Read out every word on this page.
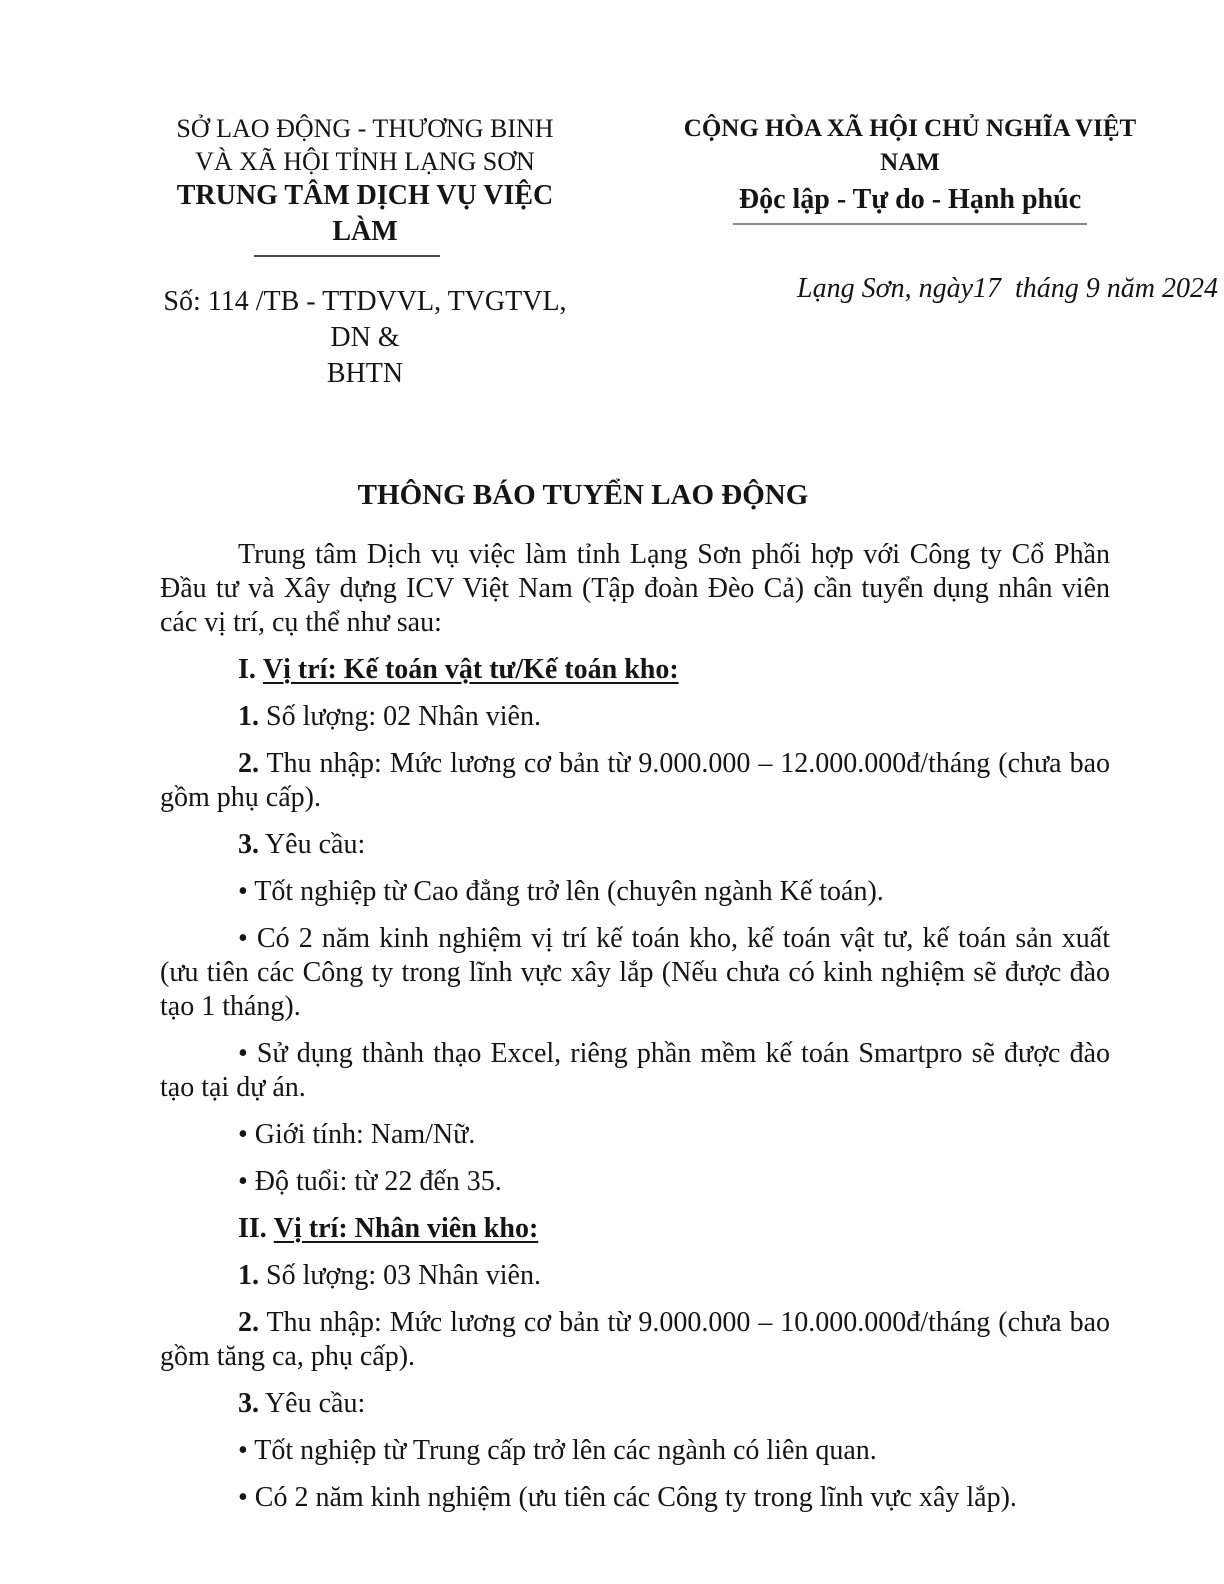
SỞ LAO ĐỘNG - THƯƠNG BINH
VÀ XÃ HỘI TỈNH LẠNG SƠN
TRUNG TÂM DỊCH VỤ VIỆC LÀM
Số: 114 /TB - TTDVVL, TVGTVL, DN &
BHTN
CỘNG HÒA XÃ HỘI CHỦ NGHĨA VIỆT NAM
Độc lập - Tự do - Hạnh phúc
Lạng Sơn, ngày17  tháng 9 năm 2024
THÔNG BÁO TUYỂN LAO ĐỘNG

Trung tâm Dịch vụ việc làm tỉnh Lạng Sơn phối hợp với Công ty Cổ Phần Đầu tư và Xây dựng ICV Việt Nam (Tập đoàn Đèo Cả) cần tuyển dụng nhân viên các vị trí, cụ thể như sau:

I. Vị trí: Kế toán vật tư/Kế toán kho:

1. Số lượng: 02 Nhân viên.

2. Thu nhập: Mức lương cơ bản từ 9.000.000 – 12.000.000đ/tháng (chưa bao gồm phụ cấp).

3. Yêu cầu:

• Tốt nghiệp từ Cao đẳng trở lên (chuyên ngành Kế toán).

• Có 2 năm kinh nghiệm vị trí kế toán kho, kế toán vật tư, kế toán sản xuất (ưu tiên các Công ty trong lĩnh vực xây lắp (Nếu chưa có kinh nghiệm sẽ được đào tạo 1 tháng).

• Sử dụng thành thạo Excel, riêng phần mềm kế toán Smartpro sẽ được đào tạo tại dự án.

• Giới tính: Nam/Nữ.

• Độ tuổi: từ 22 đến 35.

II. Vị trí: Nhân viên kho:

1. Số lượng: 03 Nhân viên.

2. Thu nhập: Mức lương cơ bản từ 9.000.000 – 10.000.000đ/tháng (chưa bao gồm tăng ca, phụ cấp).

3. Yêu cầu:

• Tốt nghiệp từ Trung cấp trở lên các ngành có liên quan.

• Có 2 năm kinh nghiệm (ưu tiên các Công ty trong lĩnh vực xây lắp).
